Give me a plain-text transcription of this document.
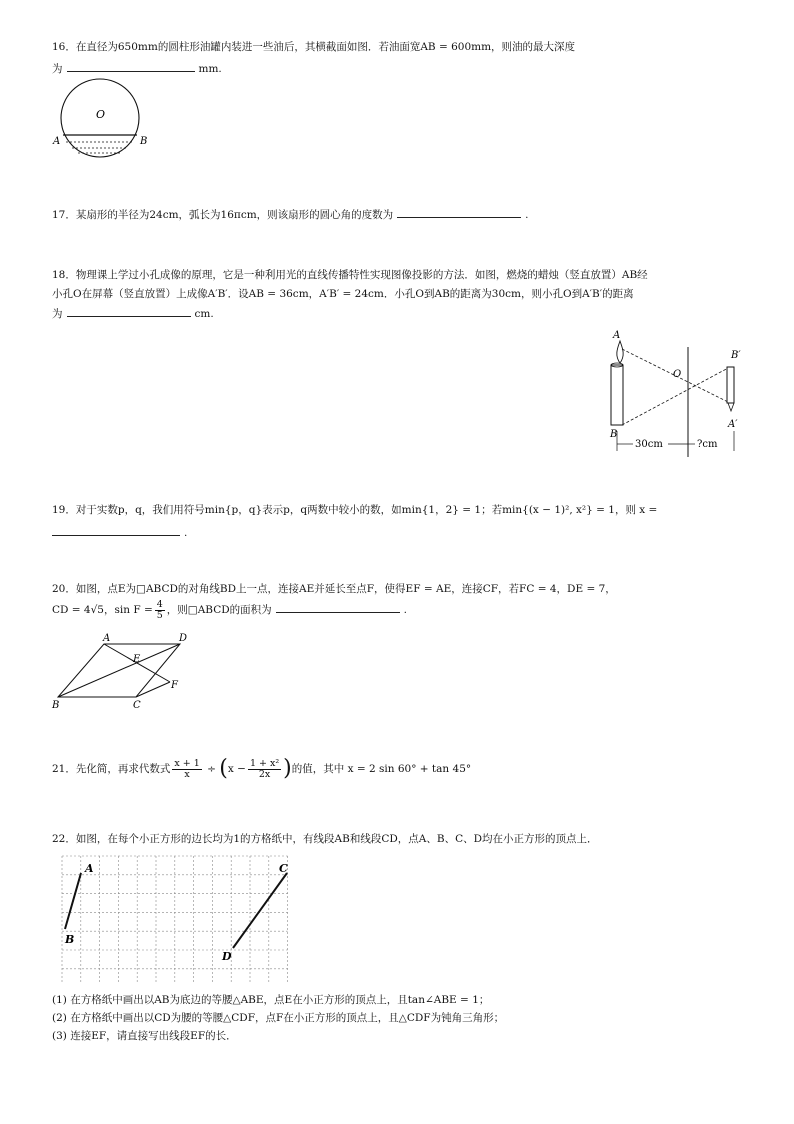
16．在直径为650mm的圆柱形油罐内装进一些油后，其横截面如图．若油面宽AB = 600mm，则油的最大深度
为	mm.
O
A	B
17．某扇形的半径为24cm，弧长为16πcm，则该扇形的圆心角的度数为	.
18．物理课上学过小孔成像的原理，它是一种利用光的直线传播特性实现图像投影的方法．如图，燃烧的蜡烛（竖直放置）AB经
小孔O在屏幕（竖直放置）上成像A′B′．设AB = 36cm，A′B′ = 24cm．小孔O到AB的距离为30cm，则小孔O到A′B′的距离
为	cm.
A
B
O
B′
A′
30cm	?cm
19．对于实数p，q，我们用符号min{p，q}表示p，q两数中较小的数，如min{1，2} = 1；若min{(x − 1)², x²} = 1，则 x =
.
20．如图，点E为□ABCD的对角线BD上一点，连接AE并延长至点F，使得EF = AE，连接CF，若FC = 4，DE = 7，
CD = 4√5，$\sin F = \frac{4}{5}$ ，则□ABCD的面积为	.
A	D
E
F
B	C
21．先化简，再求代数式 $\frac{x + 1}{x} \div (x - \frac{\text{1 + x²}}{2x}$ )的值，其中 x = 2 sin 60° + tan 45°
22．如图，在每个小正方形的边长均为1的方格纸中，有线段AB和线段CD，点A、B、C、D均在小正方形的顶点上．
A
B
C
D
(1) 在方格纸中画出以AB为底边的等腰△ABE，点E在小正方形的顶点上，且tan∠ABE = 1；
(2) 在方格纸中画出以CD为腰的等腰△CDF，点F在小正方形的顶点上，且△CDF为钝角三角形；
(3) 连接EF，请直接写出线段EF的长．
